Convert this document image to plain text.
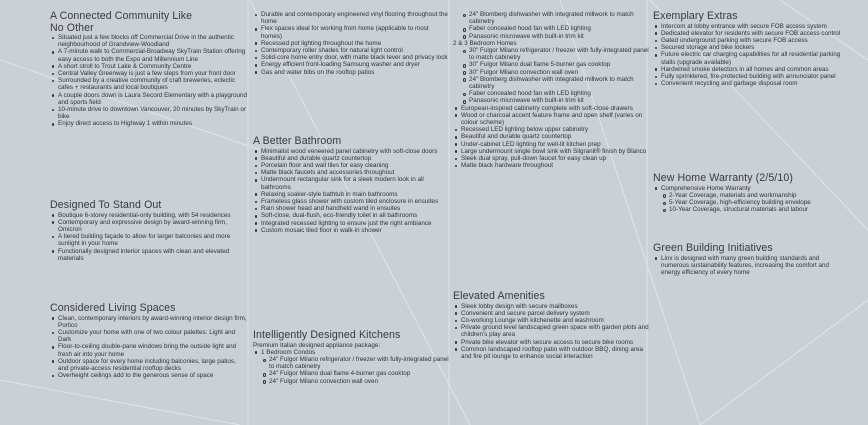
A Connected Community Like No Other
Situated just a few blocks off Commercial Drive in the authentic neighbourhood of Grandview-Woodland
A 7-minute walk to Commercial-Broadway SkyTrain Station offering easy access to both the Expo and Millennium Line
A short stroll to Trout Lake & Community Centre
Central Valley Greenway is just a few steps from your front door
Surrounded by a creative community of craft breweries, eclectic cafes + restaurants and local boutiques
A couple doors down is Laura Secord Elementary with a playground and sports field
10-minute drive to downtown Vancouver, 20 minutes by SkyTrain or bike
Enjoy direct access to Highway 1 within minutes
Designed To Stand Out
Boutique 6-storey residential-only building, with 54 residences
Contemporary and expressive design by award-winning firm, Omicron
A tiered building façade to allow for larger balconies and more sunlight in your home
Functionally designed interior spaces with clean and elevated materials
Considered Living Spaces
Clean, contemporary interiors by award-winning interior design firm, Portico
Customize your home with one of two colour palettes: Light and Dark
Floor-to-ceiling double-pane windows bring the outside light and fresh air into your home
Outdoor space for every home including balconies, large patios, and private-access residential rooftop decks
Overheight ceilings add to the generous sense of space
Durable and contemporary engineered vinyl flooring throughout the home
Flex spaces ideal for working from home (applicable to most homes)
Recessed pot lighting throughout the home
Contemporary roller shades for natural light control
Solid-core home entry door, with matte black lever and privacy lock
Energy efficient front-loading Samsung washer and dryer
Gas and water bibs on the rooftop patios
A Better Bathroom
Minimalist wood veneered panel cabinetry with soft-close doors
Beautiful and durable quartz countertop
Porcelain floor and wall tiles for easy cleaning
Matte black faucets and accessories throughout
Undermount rectangular sink for a sleek modern look in all bathrooms
Relaxing soaker-style bathtub in main bathrooms
Frameless glass shower with custom tiled enclosure in ensuites
Rain shower head and handheld wand in ensuites
Soft-close, dual-flush, eco-friendly toilet in all bathrooms
Integrated recessed lighting to ensure just the right ambiance
Custom mosaic tiled floor in walk-in shower
Intelligently Designed Kitchens

Premium Italian designed appliance package:

1 Bedroom Condos
24" Fulgor Milano refrigerator / freezer with fully-integrated panel to match cabinetry
24" Fulgor Milano dual flame 4-burner gas cooktop
24" Fulgor Milano convection wall oven
24" Blomberg dishwasher with integrated millwork to match cabinetry
Faber concealed hood fan with LED lighting
Panasonic microwave with built-in trim kit
2 & 3 Bedroom Homes
30" Fulgor Milano refrigerator / freezer with fully-integrated panel to match cabinetry
30" Fulgor Milano dual flame 5-burner gas cooktop
30" Fulgor Milano convection wall oven
24" Blomberg dishwasher with integrated millwork to match cabinetry
Faber concealed hood fan with LED lighting
Panasonic microwave with built-in trim kit
European-inspired cabinetry complete with soft-close drawers
Wood or charcoal accent feature frame and open shelf (varies on colour scheme)
Recessed LED lighting below upper cabinetry
Beautiful and durable quartz countertop
Under-cabinet LED lighting for well-lit kitchen prep
Large undermount single bowl sink with Silgranit® finish by Blanco
Sleek dual spray, pull-down faucet for easy clean up
Matte black hardware throughout
Elevated Amenities
Sleek lobby design with secure mailboxes
Convenient and secure parcel delivery system
Co-working Lounge with kitchenette and washroom
Private ground level landscaped green space with garden plots and children's play area
Private bike elevator with secure access to secure bike rooms
Common landscaped rooftop patio with outdoor BBQ, dining area and fire pit lounge to enhance social interaction
Exemplary Extras
Intercom at lobby entrance with secure FOB access system
Dedicated elevator for residents with secure FOB access control
Gated underground parking with secure FOB access
Secured storage and bike lockers
Future electric car charging capabilities for all residential parking stalls (upgrade available)
Hardwired smoke detectors in all homes and common areas
Fully sprinklered, fire-protected building with annunciator panel
Convenient recycling and garbage disposal room
New Home Warranty (2/5/10)
Comprehensive Home Warranty
2-Year Coverage, materials and workmanship
5-Year Coverage, high-efficiency building envelope
10-Year Coverage, structural materials and labour
Green Building Initiatives
Linx is designed with many green building standards and numerous sustainability features, increasing the comfort and energy efficiency of every home
